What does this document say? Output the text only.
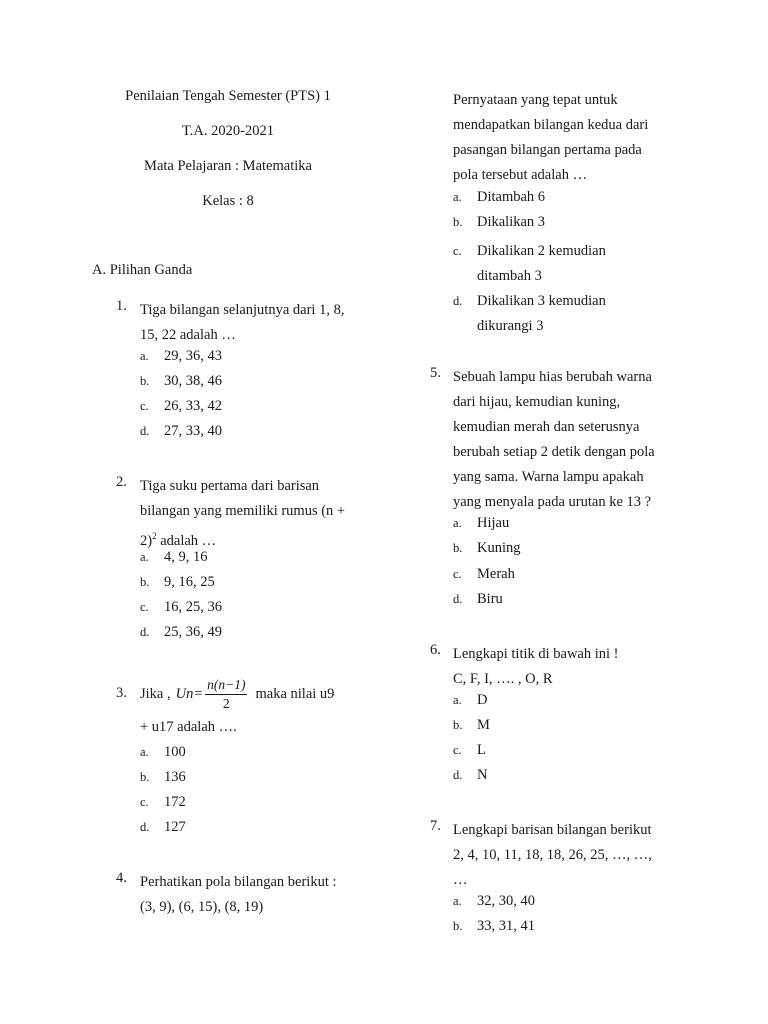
Penilaian Tengah Semester (PTS) 1
T.A. 2020-2021
Mata Pelajaran : Matematika
Kelas : 8
A. Pilihan Ganda
1. Tiga bilangan selanjutnya dari 1, 8,
15, 22 adalah …
a. 29, 36, 43
b. 30, 38, 46
c. 26, 33, 42
d. 27, 33, 40
2. Tiga suku pertama dari barisan
bilangan yang memiliki rumus (n +
2)$^2$ adalah …
a. 4, 9, 16
b. 9, 16, 25
c. 16, 25, 36
d. 25, 36, 49
3. Jika , $Un= \frac{n(n-1)}{2}$ maka nilai u9
+ u17 adalah ….
a. 100
b. 136
c. 172
d. 127
4. Perhatikan pola bilangan berikut :
(3, 9), (6, 15), (8, 19)
Pernyataan yang tepat untuk
mendapatkan bilangan kedua dari
pasangan bilangan pertama pada
pola tersebut adalah …
a. Ditambah 6
b. Dikalikan 3
c. Dikalikan 2 kemudian
ditambah 3
d. Dikalikan 3 kemudian
dikurangi 3
5. Sebuah lampu hias berubah warna
dari hijau, kemudian kuning,
kemudian merah dan seterusnya
berubah setiap 2 detik dengan pola
yang sama. Warna lampu apakah
yang menyala pada urutan ke 13 ?
a. Hijau
b. Kuning
c. Merah
d. Biru
6. Lengkapi titik di bawah ini !
C, F, I, …. , O, R
a. D
b. M
c. L
d. N
7. Lengkapi barisan bilangan berikut
2, 4, 10, 11, 18, 18, 26, 25, …, …,
…
a. 32, 30, 40
b. 33, 31, 41
